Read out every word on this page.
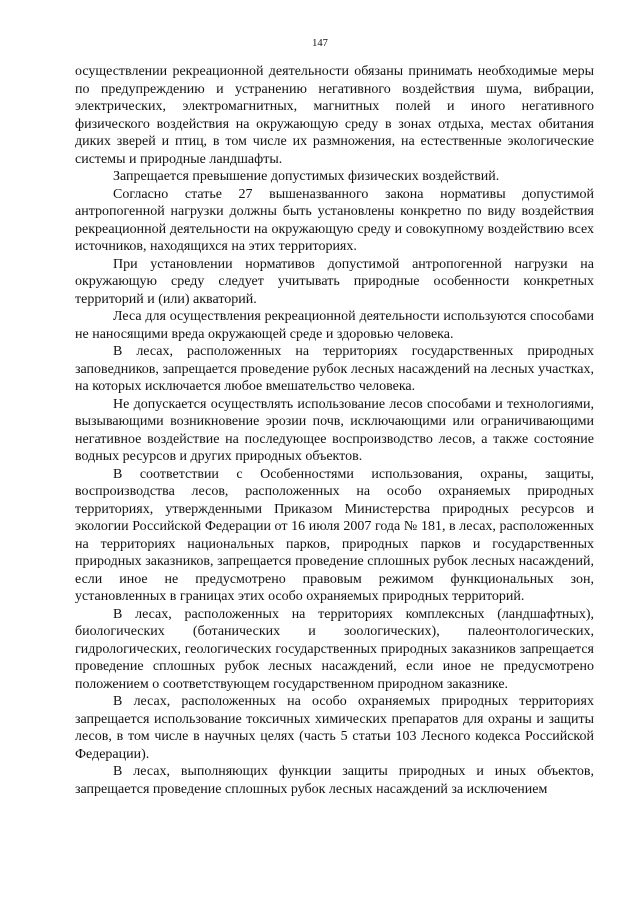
147

осуществлении рекреационной деятельности обязаны принимать необходимые меры по предупреждению и устранению негативного воздействия шума, вибрации, электрических, электромагнитных, магнитных полей и иного негативного физического воздействия на окружающую среду в зонах отдыха, местах обитания диких зверей и птиц, в том числе их размножения, на естественные экологические системы и природные ландшафты.

Запрещается превышение допустимых физических воздействий.

Согласно статье 27 вышеназванного закона нормативы допустимой антропогенной нагрузки должны быть установлены конкретно по виду воздействия рекреационной деятельности на окружающую среду и совокупному воздействию всех источников, находящихся на этих территориях.

При установлении нормативов допустимой антропогенной нагрузки на окружающую среду следует учитывать природные особенности конкретных территорий и (или) акваторий.

Леса для осуществления рекреационной деятельности используются способами не наносящими вреда окружающей среде и здоровью человека.

В лесах, расположенных на территориях государственных природных заповедников, запрещается проведение рубок лесных насаждений на лесных участках, на которых исключается любое вмешательство человека.

Не допускается осуществлять использование лесов способами и технологиями, вызывающими возникновение эрозии почв, исключающими или ограничивающими негативное воздействие на последующее воспроизводство лесов, а также состояние водных ресурсов и других природных объектов.

В соответствии с Особенностями использования, охраны, защиты, воспроизводства лесов, расположенных на особо охраняемых природных территориях, утвержденными Приказом Министерства природных ресурсов и экологии Российской Федерации от 16 июля 2007 года № 181, в лесах, расположенных на территориях национальных парков, природных парков и государственных природных заказников, запрещается проведение сплошных рубок лесных насаждений, если иное не предусмотрено правовым режимом функциональных зон, установленных в границах этих особо охраняемых природных территорий.

В лесах, расположенных на территориях комплексных (ландшафтных), биологических (ботанических и зоологических), палеонтологических, гидрологических, геологических государственных природных заказников запрещается проведение сплошных рубок лесных насаждений, если иное не предусмотрено положением о соответствующем государственном природном заказнике.

В лесах, расположенных на особо охраняемых природных территориях запрещается использование токсичных химических препаратов для охраны и защиты лесов, в том числе в научных целях (часть 5 статьи 103 Лесного кодекса Российской Федерации).

В лесах, выполняющих функции защиты природных и иных объектов, запрещается проведение сплошных рубок лесных насаждений за исключением
